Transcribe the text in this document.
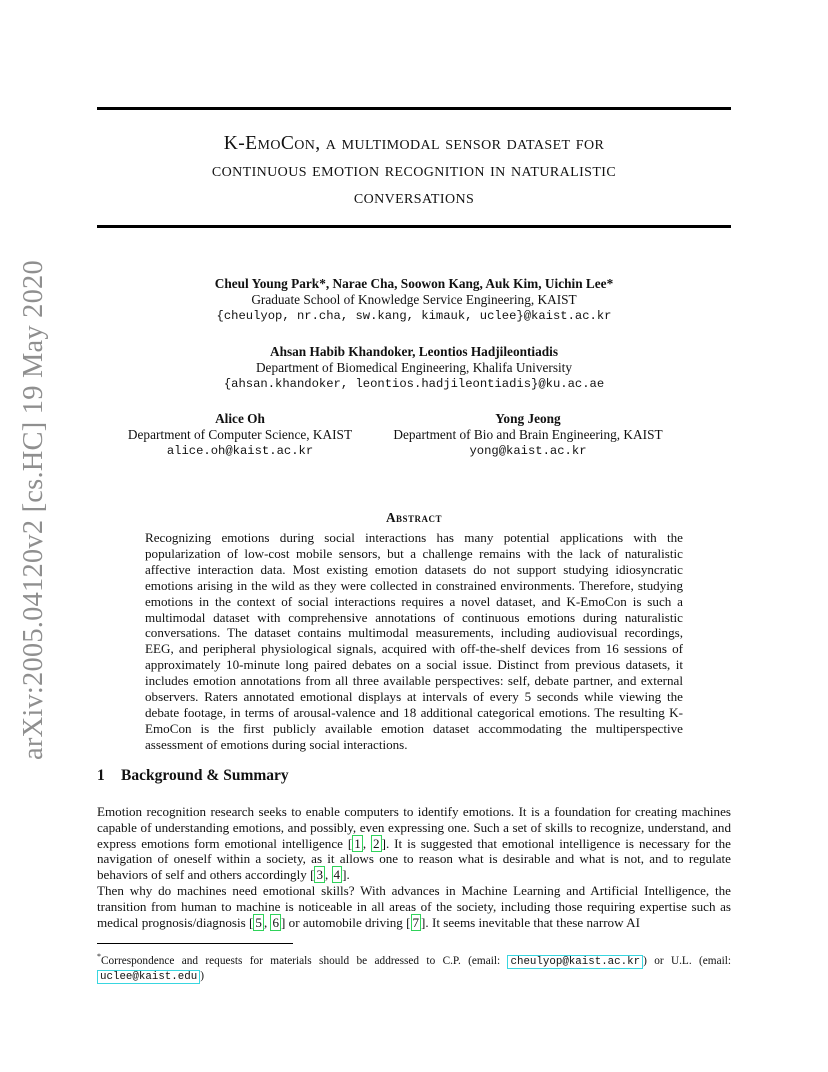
arXiv:2005.04120v2 [cs.HC] 19 May 2020
K-EmoCon, a multimodal sensor dataset for
continuous emotion recognition in naturalistic
conversations
Cheul Young Park*, Narae Cha, Soowon Kang, Auk Kim, Uichin Lee*
Graduate School of Knowledge Service Engineering, KAIST
{cheulyop, nr.cha, sw.kang, kimauk, uclee}@kaist.ac.kr
Ahsan Habib Khandoker, Leontios Hadjileontiadis
Department of Biomedical Engineering, Khalifa University
{ahsan.khandoker, leontios.hadjileontiadis}@ku.ac.ae
Alice Oh
Department of Computer Science, KAIST
alice.oh@kaist.ac.kr
Yong Jeong
Department of Bio and Brain Engineering, KAIST
yong@kaist.ac.kr
Abstract
Recognizing emotions during social interactions has many potential applications with the popularization of low-cost mobile sensors, but a challenge remains with the lack of naturalistic affective interaction data. Most existing emotion datasets do not support studying idiosyncratic emotions arising in the wild as they were collected in constrained environments. Therefore, studying emotions in the context of social interactions requires a novel dataset, and K-EmoCon is such a multimodal dataset with comprehensive annotations of continuous emotions during naturalistic conversations. The dataset contains multimodal measurements, including audiovisual recordings, EEG, and peripheral physiological signals, acquired with off-the-shelf devices from 16 sessions of approximately 10-minute long paired debates on a social issue. Distinct from previous datasets, it includes emotion annotations from all three available perspectives: self, debate partner, and external observers. Raters annotated emotional displays at intervals of every 5 seconds while viewing the debate footage, in terms of arousal-valence and 18 additional categorical emotions. The resulting K-EmoCon is the first publicly available emotion dataset accommodating the multiperspective assessment of emotions during social interactions.
1 Background & Summary
Emotion recognition research seeks to enable computers to identify emotions. It is a foundation for creating machines capable of understanding emotions, and possibly, even expressing one. Such a set of skills to recognize, understand, and express emotions form emotional intelligence [ 1 , 2 ]. It is suggested that emotional intelligence is necessary for the navigation of oneself within a society, as it allows one to reason what is desirable and what is not, and to regulate behaviors of self and others accordingly [ 3 , 4 ].
Then why do machines need emotional skills? With advances in Machine Learning and Artificial Intelligence, the transition from human to machine is noticeable in all areas of the society, including those requiring expertise such as medical prognosis/diagnosis [ 5 , 6 ] or automobile driving [ 7 ]. It seems inevitable that these narrow AI
*Correspondence and requests for materials should be addressed to C.P. (email: cheulyop@kaist.ac.kr ) or U.L. (email: uclee@kaist.edu )
